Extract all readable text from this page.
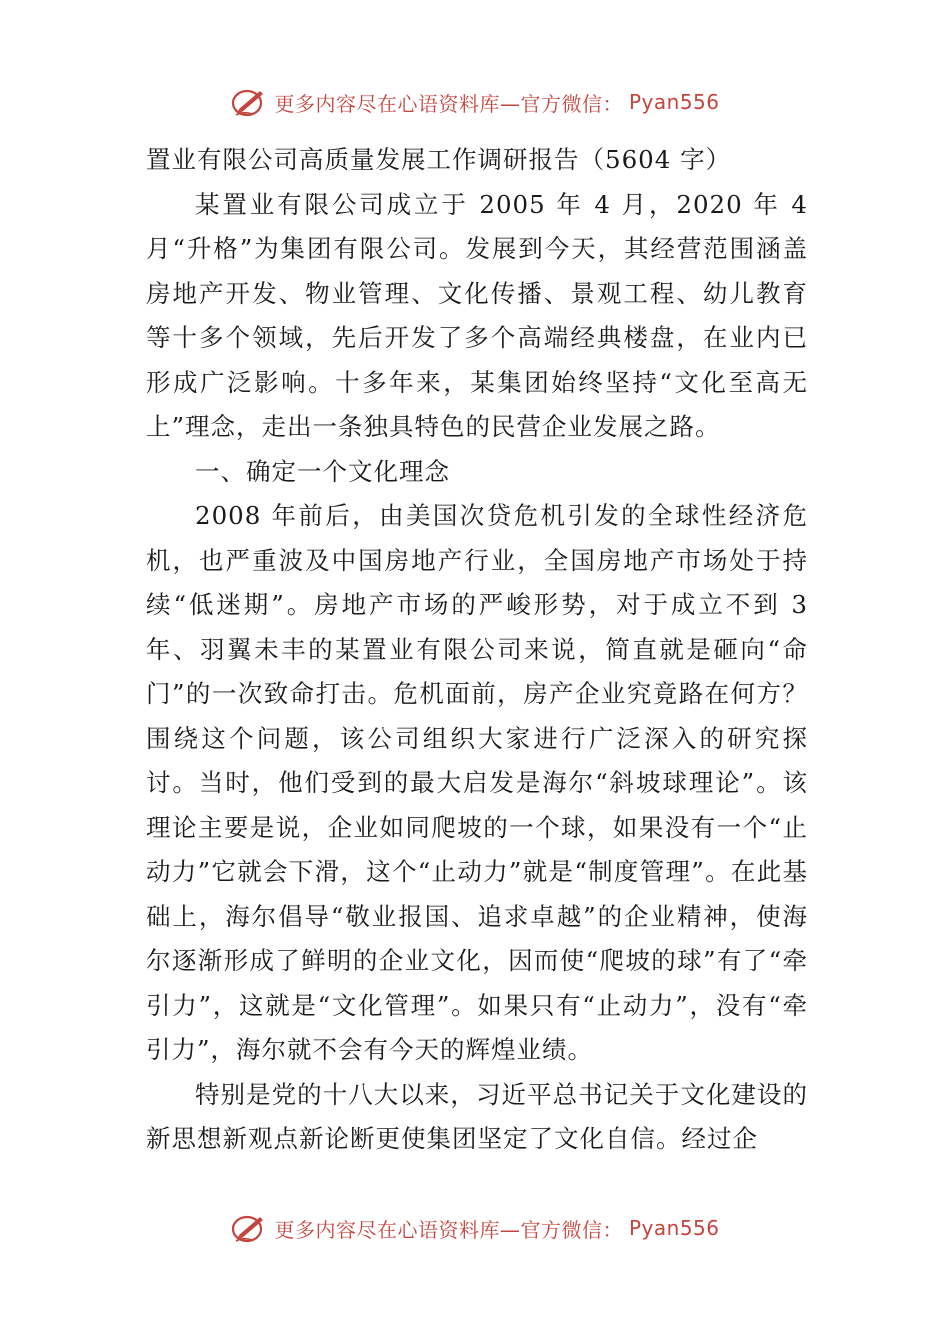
更多内容尽在心语资料库—官方微信： Pyan556

置业有限公司高质量发展工作调研报告（5604 字）

某置业有限公司成立于 2005 年 4 月，2020 年 4 月“升格”为集团有限公司。发展到今天，其经营范围涵盖房地产开发、物业管理、文化传播、景观工程、幼儿教育等十多个领域，先后开发了多个高端经典楼盘，在业内已形成广泛影响。十多年来，某集团始终坚持“文化至高无上”理念，走出一条独具特色的民营企业发展之路。

一、确定一个文化理念

2008 年前后，由美国次贷危机引发的全球性经济危机，也严重波及中国房地产行业，全国房地产市场处于持续“低迷期”。房地产市场的严峻形势，对于成立不到 3 年、羽翼未丰的某置业有限公司来说，简直就是砸向“命门”的一次致命打击。危机面前，房产企业究竟路在何方？围绕这个问题，该公司组织大家进行广泛深入的研究探讨。当时，他们受到的最大启发是海尔“斜坡球理论”。该理论主要是说，企业如同爬坡的一个球，如果没有一个“止动力”它就会下滑，这个“止动力”就是“制度管理”。在此基础上，海尔倡导“敬业报国、追求卓越”的企业精神，使海尔逐渐形成了鲜明的企业文化，因而使“爬坡的球”有了“牵引力”，这就是“文化管理”。如果只有“止动力”，没有“牵引力”，海尔就不会有今天的辉煌业绩。

特别是党的十八大以来，习近平总书记关于文化建设的新思想新观点新论断更使集团坚定了文化自信。经过企

更多内容尽在心语资料库—官方微信： Pyan556
